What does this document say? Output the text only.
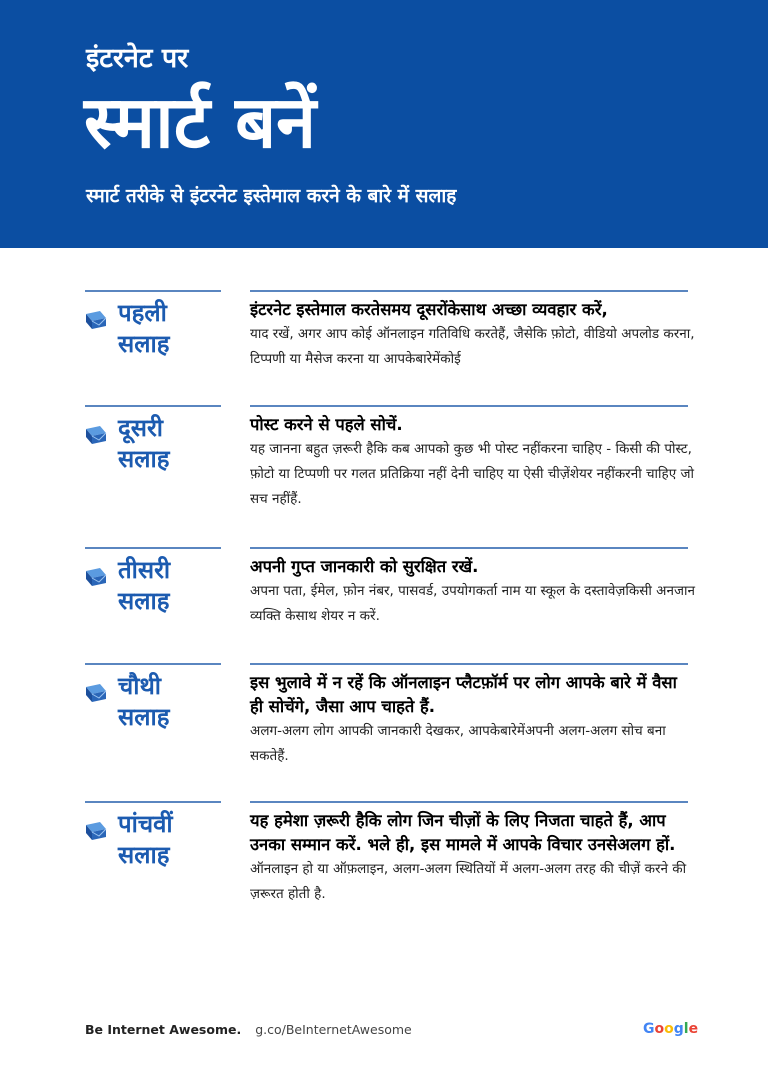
इंटरनेट पर
स्मार्ट बनें
स्मार्ट तरीके से इंटरनेट इस्तेमाल करने के बारे में सलाह
पहली
सलाह
इंटरनेट इस्तेमाल करतेसमय दूसरोंकेसाथ अच्छा व्यवहार करें,
याद रखें, अगर आप कोई ऑनलाइन गतिविधि करतेहैं, जैसेकि फ़ोटो, वीडियो अपलोड करना, टिप्पणी या मैसेज करना या आपकेबारेमेंकोई
दूसरी
सलाह
पोस्ट करने से पहले सोचें.
यह जानना बहुत ज़रूरी हैकि कब आपको कुछ भी पोस्ट नहींकरना चाहिए - किसी की पोस्ट, फ़ोटो या टिप्पणी पर गलत प्रतिक्रिया नहीं देनी चाहिए या ऐसी चीज़ेंशेयर नहींकरनी चाहिए जो सच नहींहैं.
तीसरी
सलाह
अपनी गुप्त जानकारी को सुरक्षित रखें.
अपना पता, ईमेल, फ़ोन नंबर, पासवर्ड, उपयोगकर्ता नाम या स्कूल के दस्तावेज़किसी अनजान व्यक्ति केसाथ शेयर न करें.
चौथी
सलाह
इस भुलावे में न रहें कि ऑनलाइन प्लैटफ़ॉर्म पर लोग आपके बारे में वैसा ही सोचेंगे, जैसा आप चाहते हैं.
अलग-अलग लोग आपकी जानकारी देखकर, आपकेबारेमेंअपनी अलग-अलग सोच बना सकतेहैं.
पांचवीं
सलाह
यह हमेशा ज़रूरी हैकि लोग जिन चीज़ों के लिए निजता चाहते हैं, आप उनका सम्मान करें. भले ही, इस मामले में आपके विचार उनसेअलग हों.
ऑनलाइन हो या ऑफ़लाइन, अलग-अलग स्थितियों में अलग-अलग तरह की चीज़ें करने की ज़रूरत होती है.
Be Internet Awesome. g.co/BeInternetAwesome	Google
